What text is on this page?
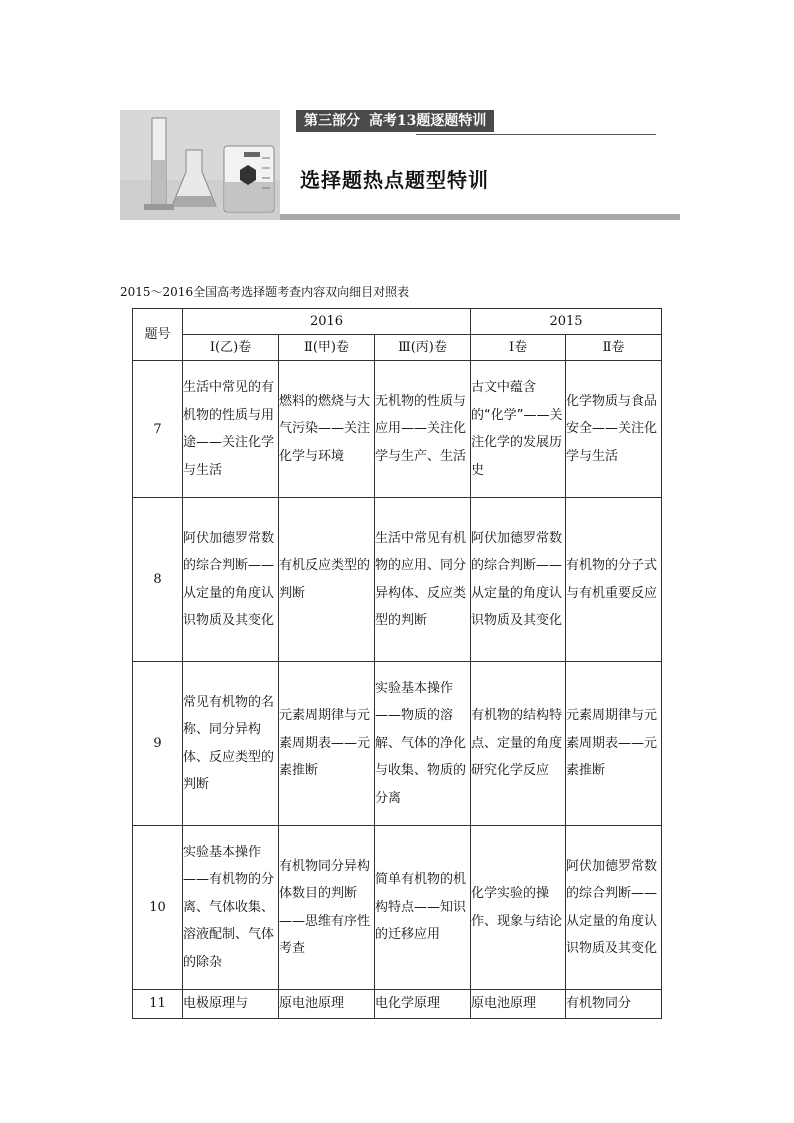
第三部分 高考13题逐题特训
选择题热点题型特训
2015～2016全国高考选择题考查内容双向细目对照表
题号	2016			2015	
	Ⅰ(乙)卷	Ⅱ(甲)卷	Ⅲ(丙)卷	Ⅰ卷	Ⅱ卷
7	生活中常见的有机物的性质与用途——关注化学与生活	燃料的燃烧与大气污染——关注化学与环境	无机物的性质与应用——关注化学与生产、生活	古文中蕴含的“化学”——关注化学的发展历史	化学物质与食品安全——关注化学与生活
8	阿伏加德罗常数的综合判断——从定量的角度认识物质及其变化	有机反应类型的判断	生活中常见有机物的应用、同分异构体、反应类型的判断	阿伏加德罗常数的综合判断——从定量的角度认识物质及其变化	有机物的分子式与有机重要反应
9	常见有机物的名称、同分异构体、反应类型的判断	元素周期律与元素周期表——元素推断	实验基本操作——物质的溶解、气体的净化与收集、物质的分离	有机物的结构特点、定量的角度研究化学反应	元素周期律与元素周期表——元素推断
10	实验基本操作——有机物的分离、气体收集、溶液配制、气体的除杂	有机物同分异构体数目的判断——思维有序性考查	简单有机物的机构特点——知识的迁移应用	化学实验的操作、现象与结论	阿伏加德罗常数的综合判断——从定量的角度认识物质及其变化
11	电极原理与	原电池原理	电化学原理	原电池原理	有机物同分
